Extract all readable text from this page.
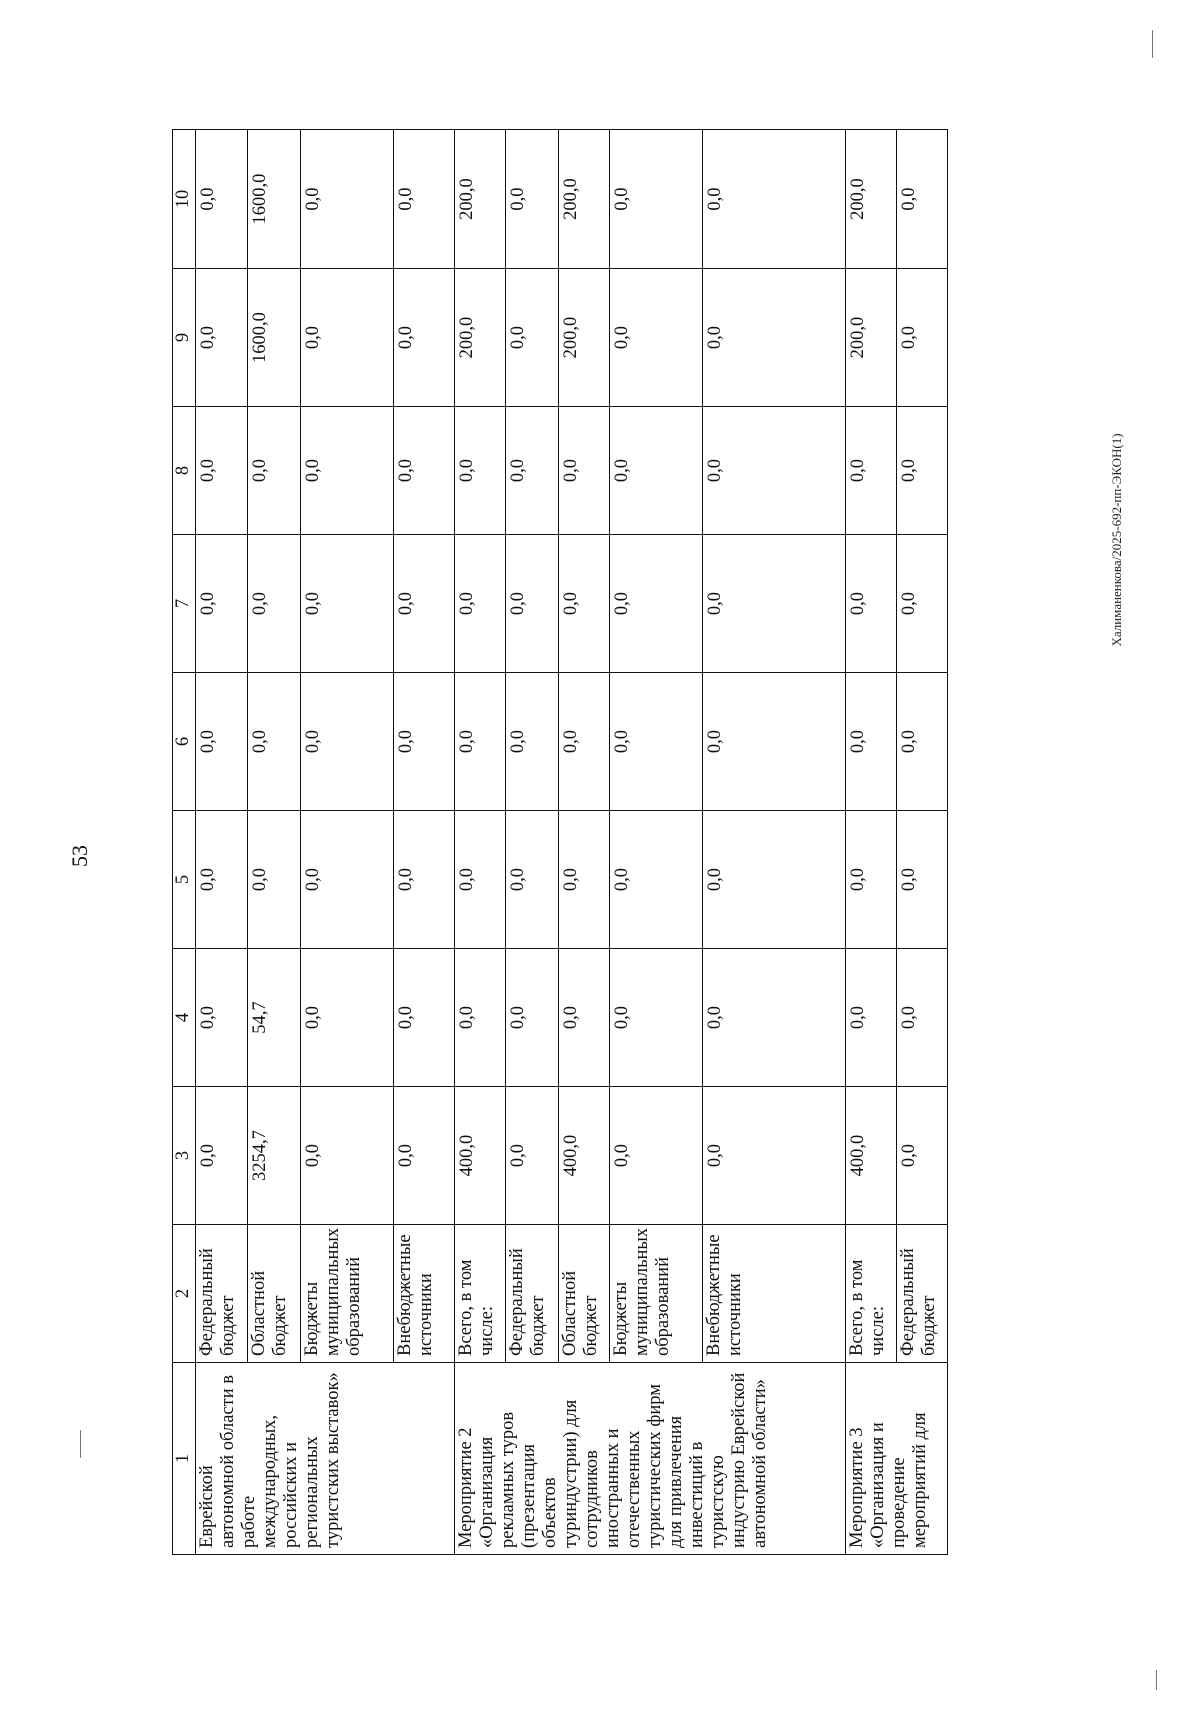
53
Халиманенкова/2025-692-пп-ЭКОН(1)
1	2	3	4	5	6	7	8	9	10
Еврейской автономной области в работе международных, российских и региональных туристских выставок»	Федеральный бюджет	0,0	0,0	0,0	0,0	0,0	0,0	0,0	0,0
	Областной бюджет	3254,7	54,7	0,0	0,0	0,0	0,0	1600,0	1600,0
	Бюджеты муниципальных образований	0,0	0,0	0,0	0,0	0,0	0,0	0,0	0,0
	Внебюджетные источники	0,0	0,0	0,0	0,0	0,0	0,0	0,0	0,0
Мероприятие 2 «Организация рекламных туров (презентация объектов туриндустрии) для сотрудников иностранных и отечественных туристических фирм для привлечения инвестиций в туристскую индустрию Еврейской автономной области»	Всего, в том числе:	400,0	0,0	0,0	0,0	0,0	0,0	200,0	200,0
	Федеральный бюджет	0,0	0,0	0,0	0,0	0,0	0,0	0,0	0,0
	Областной бюджет	400,0	0,0	0,0	0,0	0,0	0,0	200,0	200,0
	Бюджеты муниципальных образований	0,0	0,0	0,0	0,0	0,0	0,0	0,0	0,0
	Внебюджетные источники	0,0	0,0	0,0	0,0	0,0	0,0	0,0	0,0
Мероприятие 3 «Организация и проведение мероприятий для	Всего, в том числе:	400,0	0,0	0,0	0,0	0,0	0,0	200,0	200,0
	Федеральный бюджет	0,0	0,0	0,0	0,0	0,0	0,0	0,0	0,0
